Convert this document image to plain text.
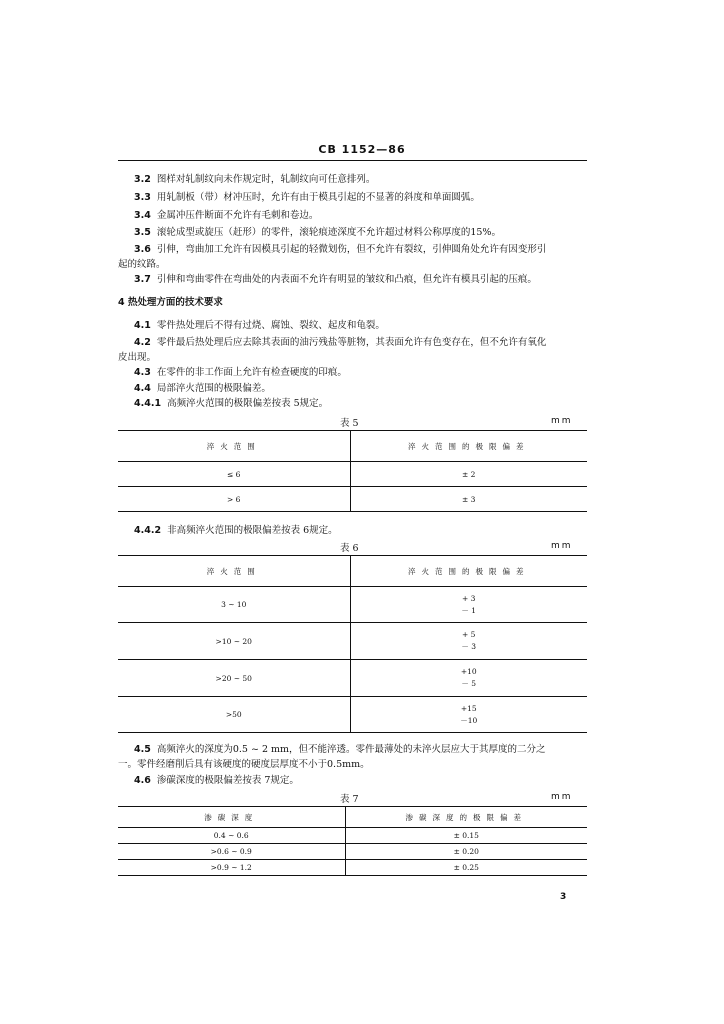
CB 1152—86
3.2 图样对轧制纹向未作规定时，轧制纹向可任意排列。
3.3 用轧制板（带）材冲压时，允许有由于模具引起的不显著的斜度和单面圆弧。
3.4 金属冲压件断面不允许有毛刺和卷边。
3.5 滚轮成型或旋压（赶形）的零件，滚轮痕迹深度不允许超过材料公称厚度的15%。
3.6 引伸，弯曲加工允许有因模具引起的轻微划伤，但不允许有裂纹，引伸圆角处允许有因变形引
起的纹路。
3.7 引伸和弯曲零件在弯曲处的内表面不允许有明显的皱纹和凸痕，但允许有模具引起的压痕。
4 热处理方面的技术要求
4.1 零件热处理后不得有过烧、腐蚀、裂纹、起皮和龟裂。
4.2 零件最后热处理后应去除其表面的油污残盐等脏物，其表面允许有色变存在，但不允许有氧化
皮出现。
4.3 在零件的非工作面上允许有检查硬度的印痕。
4.4 局部淬火范围的极限偏差。
4.4.1 高频淬火范围的极限偏差按表 5规定。
表 5	mm
淬火范围	淬火范围的极限偏差
≤ 6	± 2
> 6	± 3
4.4.2 非高频淬火范围的极限偏差按表 6规定。
表 6	mm
淬火范围	淬火范围的极限偏差
3 ~ 10	+ 3
－ 1

>10 ~ 20	+ 5
－ 3

>20 ~ 50	+10
－ 5

>50	+15
－10
4.5 高频淬火的深度为0.5 ~ 2 mm，但不能淬透。零件最薄处的未淬火层应大于其厚度的二分之
一。零件经磨削后具有该硬度的硬度层厚度不小于0.5mm。
4.6 渗碳深度的极限偏差按表 7规定。
表 7	mm
渗碳深度	渗碳深度的极限偏差
0.4 ~ 0.6	± 0.15
>0.6 ~ 0.9	± 0.20
>0.9 ~ 1.2	± 0.25
3
